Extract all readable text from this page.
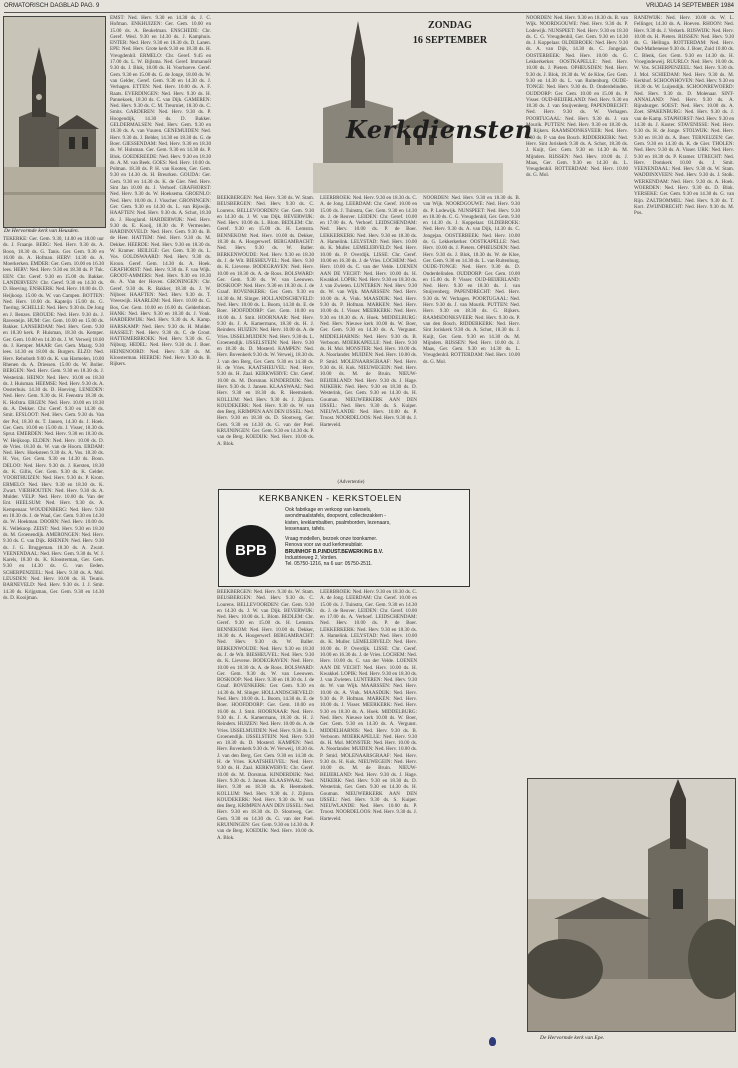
ORMATORISCH DAGBLAD PAG. 9	VRIJDAG 14 SEPTEMBER 1984
De Hervormde kerk van Heusden.
ZONDAG
16 SEPTEMBER
Kerkdiensten

TEKERKE: Ger. Gem. 9.30, 14.00 en 18.00 uur ds. J. Fraanje. BERG: Ned. Herv. 9.30 ds. A. Boon, 18.30 ds. G. Tanis. Ger. Gem. 9.30 en 16.00 ds. A. Hofman. HERV: 14.30 ds. A. Moerkerken. EMDER: Ger. Gem. 10.00 en 16.30 lees. HERV: Ned. Herv. 9.30 en 18.30 ds. P. Tuk. EEN: Chr. Geref. 9.30 en 15.00 ds. Bakker. LANDERVEEN: Chr. Geref. 9.30 en 14.30 ds. D. Hoeving. ENSKERK: Ned. Herv. 10.00 ds. D. Heijkoop. 15.00 ds. W. van Campen. BOTTEN: Ned. Herv. 10.00 ds. Kapteijn 15.00 ds. G. Toering. SCHELLE: Ned. Herv. 9.30 ds. De Jong en J. Benzes. EROUDE: Ned. Herv. 9.30 ds. J. Ravesteijn. HUM: Ger. Gem. 10.00 en 15.00 ds. Bakker. LANSERDAM: Ned. Herv. Gem. 9.30 en 18.30 kerk. P. Huisman, 18.30 ds. Kemper. Ger. Gem. 10.00 en 14.30 ds. J. W. Verweij 18.00 ds. J. Kemper. MAAR: Ger. Gem. Maarg. 9.30 lees. 14.30 en 18.00 ds. Burgers. ELZO: Ned. Herv. Rehoboth 9.00 ds. K. van Harmelen, 10.00 Rhenen ds. A. Driessen. 15.00 ds. W. Bolier. BERGEN: Ned. Herv. Gem. 9.30 en 18.30 ds. J. Westerink. HEINO: Ned. Herv. 10.00 en 18.30 ds. J. Huisman. HEEMSE: Ned. Herv. 9.30 ds. A. Oosterhuis. 14.30 ds. D. Hoeving. LENEDEN: Ned. Herv. Gem. 9.30 ds. H. Feenstra 18.30 ds. K. Hofstra. ERGEN: Ned. Herv. 10.00 en 18.30 ds. A. Dekker. Chr. Geref. 9.30 en 14.30 ds. Smit. EFSLOOT: Ned. Herv. Gem. 9.30 ds. Van der Pol, 18.30 ds. T. Jansen, 14.30 ds. J. Hoek. Ger. Gem. 10.00 en 15.00 ds. J. Visser, 18.30 ds. Sprut. EMERDEN: Ned. Herv. 9.30 en 18.30 ds. W. Heijkoop. ELDEN: Ned. Herv. 10.00 ds. D. de Vries. 18.30 ds. W. van de Hoorn. ERDAM: Ned. Herv. Hoeksteen 9.30 ds. A. Vos. 18.30 ds. H. Vos, Ger. Gem. 9.30 en 14.30 ds. Boon. DELOO: Ned. Herv. 9.30 ds. J. Kersten, 18.30 ds. K. Gillis, Ger. Gem. 9.30 ds. K. Gelder. VOORTHUIZEN: Ned. Herv. 9.30 ds. P. Krom. ERMELO: Ned. Herv. 9.30 en 18.30 ds. K. Zwart. VIERHOUTEN: Ned. Herv. 9.30 ds. A. Mulder. VELP: Ned. Herv. 10.00 ds. Van der Ent. HEELSUM: Ned. Herv. 9.30 ds. A. Kempenaar. WOUDENBERG: Ned. Herv. 9.30 en 18.30 ds. J. de Waal, Ger. Gem. 9.30 en 14.30 ds. W. Hoekman. DOORN: Ned. Herv. 10.00 ds. K. Vellekoop. ZEIST: Ned. Herv. 9.30 en 18.30 ds. M. Groenendijk. AMERONGEN: Ned. Herv. 9.30 ds. C. van Dijk. RHENEN: Ned. Herv. 9.30 ds. J. G. Bruggeman. 18.30 ds. A. Zwart. VEENENDAAL: Ned. Herv. Gem. 9.30 ds. W. J. Karels, 18.30 ds. K. Kloosterman, Ger. Gem. 9.30 en 14.30 ds. G. van Eeden. SCHERPENZEEL: Ned. Herv. 9.30 ds. A. Mol. LEUSDEN: Ned. Herv. 10.00 ds. H. Teunis. BARNEVELD: Ned. Herv. 9.30 ds. J. J. Smit. 14.30 ds. Krijgsman, Ger. Gem. 9.30 en 14.30 ds. D. Kooijman.

EMST: Ned. Herv. 9.30 en 14.30 ds. J. C. Hofman. ENKHUIZEN: Ger. Gem. 10.00 en 15.00 ds. A. Beukelman. ENSCHEDE: Chr. Geref. Wesl. 9.30 en 14.30 ds. J. Kamphuis. ENTER: Ned. Herv. 9.30 en 18.30 ds. D. Lanen. EPE: Ned. Herv. Grote kerk 9.30 en 18.30 ds. H. Vreugdenhil. ERMELO: Chr. Geref. 9.45 en 17.00 ds. L. W. Bijlsma. Ned. Geref. Immanuël 9.30 ds. J. Blok, 18.00 ds. H. Voorhoeve. Geref. Gem. 9.30 en 15.00 ds. G. de Jonge, 18.00 ds. W. van Gelder, Geref. Gem. 9.30 en 14.30 ds. J. Verhagen. ETTEN: Ned. Herv. 10.00 ds. A. F. Raats. EVERDINGEN: Ned. Herv. 9.30 ds. H. Pannekoek, 18.30 ds. C. van Dijk. GAMEREN: Ned. Herv. 9.30 ds. C. M. Treurniet, 18.30 ds. C. Smits. GARDEREN: Ned. Herv. 9.30 ds. P. Hoogendijk, 14.30 ds. D. Bakker. GELDERMALSEN: Ned. Herv. Gem. 9.30 en 18.30 ds. A. van Vuuren. GENEMUIDEN: Ned. Herv. 9.30 ds. J. Belder, 14.30 en 18.30 ds. G. de Boer. GIESSENDAM: Ned. Herv. 9.30 en 18.30 ds. W. Hulsman. Ger. Gem. 9.30 en 14.30 ds. P. Blok. GOEDEREEDE: Ned. Herv. 9.30 en 18.30 ds. A. M. van Beek. GOES: Ned. Herv. 10.00 ds. Polman. 18.30 ds. P. H. van Kooten, Ger. Gem. 9.30 en 14.30 ds. H. Breurken. GOUDA: Ger. Gem. 9.30 en 14.30 ds. K. de Gier. Ned. Herv. Sint Jan 10.00 ds. J. Verhoef. GRAFHORST: Ned. Herv. 9.30 ds. W. Hoeksema. GROENLO: Ned. Herv. 10.00 ds. J. Visscher. GRONINGEN: Ger. Gem. 9.30 en 14.30 ds. L. van Rijswijk. HAAFTEN: Ned. Herv. 9.30 ds. A. Schot, 18.30 ds. J. Hoogland. HARDERWIJK: Ned. Herv. 9.30 ds. E. Kooij, 18.30 ds. P. Vermeulen. HARDINXVELD: Ned. Herv. Gem. 9.30 ds. B. de Heer. HATTEM: Ned. Herv. 9.30 ds. M. Dekker. HEERDE: Ned. Herv. 9.30 en 18.30 ds. W. Kramer. HEILIGE: Ger. Gem. 9.30 ds. L. Vos. GOLDSWAARD: Ned. Herv. 9.30 ds. Kroon. Geref. Gem. 14.30 ds. A. Hoek. GRAFHORST: Ned. Herv. 9.30 ds. F. van Wijk. GROOT-AMMERS: Ned. Herv. 9.30 en 18.30 ds. A. Van der Hoven. GRONINGEN: Chr. Geref. 9.30 ds. R. Bakker, 18.30 ds. J. W. Nijboer. HAAFTEN: Ned. Herv. 9.30 ds. T. Vreeswijk. HAARLEM: Ned. Herv. 10.00 ds. G. Bos, Ger. Gem. 10.00 en 16.00 ds. Gelderblom. HANK: Ned. Herv. 9.30 en 18.30 ds. J. Vonk. HARDERWIJK: Ned. Herv. 9.30 ds. A. Kamp. HARSKAMP: Ned. Herv. 9.30 ds. H. Mulder. HASSELT: Ned. Herv. 9.30 ds. C. de Groot. HATTEMERBROEK: Ned. Herv. 9.30 ds. G. Nijburg. HEDEL: Ned. Herv. 9.30 ds. J. Boer. HEINENOORD: Ned. Herv. 9.30 ds. M. Kloosterman. HEERDE: Ned. Herv. 9.30 ds. B. Rijkers.

BEEKBERGEN: Ned. Herv. 9.30 ds. W. Stam. BEUSBERGEN: Ned. Herv. 9.30 ds. C. Lourens. BELLEVOORDEN: Ger. Gem. 9.30 en 14.30 ds. J. W. van Dijk. BEVERWIJK: Ned. Herv. 10.00 ds. L. Blom. BEDLEM: Chr. Geref. 9.30 en 15.00 ds. H. Lemstra. BENNEKOM: Ned. Herv. 10.00 ds. Dekker, 18.30 ds. A. Hoogerwerf. BERGAMBACHT: Ned. Herv. 9.30 ds. W. Baller. BERKENWOUDE: Ned. Herv. 9.30 en 18.30 ds. J. de Wit. BIESHEUVEL: Ned. Herv. 9.30 ds. K. Lieverse. BODEGRAVEN: Ned. Herv. 10.00 en 18.30 ds. A. de Roos. BOLSWARD: Ger. Gem. 9.30 ds. W. van Leeuwen. BOSKOOP: Ned. Herv. 9.30 en 18.30 ds. J. de Graaf. BOVENKERK: Ger. Gem. 9.30 en 14.30 ds. M. Slinger. HOLLANDSCHEVELD: Ned. Herv. 10.00 ds. L. Boom, 14.30 ds. E. de Boer. HOOFDDORP: Ger. Gem. 10.00 en 16.00 ds. J. Smit. HOORNAAR: Ned. Herv. 9.30 ds. J. A. Kamermans, 18.30 ds. H. J. Reinders. HUIZEN: Ned. Herv. 10.00 ds. A. de Vries. IJSSELMUIDEN: Ned. Herv. 9.30 ds. L. Groenendijk. IJSSELSTEIN: Ned. Herv. 9.30 en 18.30 ds. D. Mosterd. KAMPEN: Ned. Herv. Bovenkerk 9.30 ds. W. Verweij, 18.30 ds. J. van den Berg, Ger. Gem. 9.30 en 14.30 ds. H. de Vries. KAATSHEUVEL: Ned. Herv. 9.30 ds. H. Zaal. KERKWERVE: Chr. Geref. 10.00 ds. M. Dorsman. KINDERDIJK: Ned. Herv. 9.30 ds. J. Jansen. KLAASWAAL: Ned. Herv. 9.30 en 18.30 ds. R. Heemskerk. KOLLUM: Ned. Herv. 9.30 ds. J. Zijlstra. KOUDEKERK: Ned. Herv. 9.30 ds. W. van den Berg. KRIMPEN AAN DEN IJSSEL: Ned. Herv. 9.30 en 18.30 ds. D. Slootweg, Ger. Gem. 9.30 en 14.30 ds. G. van der Poel. KRUININGEN: Ger. Gem. 9.30 en 14.30 ds. P. van de Berg. KOEDIJK: Ned. Herv. 10.00 ds. A. Blok.

BEEKBERGEN: Ned. Herv. 9.30 ds. W. Stam. BEUSBERGEN: Ned. Herv. 9.30 ds. C. Lourens. BELLEVOORDEN: Ger. Gem. 9.30 en 14.30 ds. J. W. van Dijk. BEVERWIJK: Ned. Herv. 10.00 ds. L. Blom. BEDLEM: Chr. Geref. 9.30 en 15.00 ds. H. Lemstra. BENNEKOM: Ned. Herv. 10.00 ds. Dekker, 18.30 ds. A. Hoogerwerf. BERGAMBACHT: Ned. Herv. 9.30 ds. W. Baller. BERKENWOUDE: Ned. Herv. 9.30 en 18.30 ds. J. de Wit. BIESHEUVEL: Ned. Herv. 9.30 ds. K. Lieverse. BODEGRAVEN: Ned. Herv. 10.00 en 18.30 ds. A. de Roos. BOLSWARD: Ger. Gem. 9.30 ds. W. van Leeuwen. BOSKOOP: Ned. Herv. 9.30 en 18.30 ds. J. de Graaf. BOVENKERK: Ger. Gem. 9.30 en 14.30 ds. M. Slinger. HOLLANDSCHEVELD: Ned. Herv. 10.00 ds. L. Boom, 14.30 ds. E. de Boer. HOOFDDORP: Ger. Gem. 10.00 en 16.00 ds. J. Smit. HOORNAAR: Ned. Herv. 9.30 ds. J. A. Kamermans, 18.30 ds. H. J. Reinders. HUIZEN: Ned. Herv. 10.00 ds. A. de Vries. IJSSELMUIDEN: Ned. Herv. 9.30 ds. L. Groenendijk. IJSSELSTEIN: Ned. Herv. 9.30 en 18.30 ds. D. Mosterd. KAMPEN: Ned. Herv. Bovenkerk 9.30 ds. W. Verweij, 18.30 ds. J. van den Berg, Ger. Gem. 9.30 en 14.30 ds. H. de Vries. KAATSHEUVEL: Ned. Herv. 9.30 ds. H. Zaal. KERKWERVE: Chr. Geref. 10.00 ds. M. Dorsman. KINDERDIJK: Ned. Herv. 9.30 ds. J. Jansen. KLAASWAAL: Ned. Herv. 9.30 en 18.30 ds. R. Heemskerk. KOLLUM: Ned. Herv. 9.30 ds. J. Zijlstra. KOUDEKERK: Ned. Herv. 9.30 ds. W. van den Berg. KRIMPEN AAN DEN IJSSEL: Ned. Herv. 9.30 en 18.30 ds. D. Slootweg, Ger. Gem. 9.30 en 14.30 ds. G. van der Poel. KRUININGEN: Ger. Gem. 9.30 en 14.30 ds. P. van de Berg. KOEDIJK: Ned. Herv. 10.00 ds. A. Blok.

LEERBROEK: Ned. Herv. 9.30 en 18.30 ds. C. A. de Jong. LEERDAM: Chr. Geref. 10.00 en 15.00 ds. J. Tuinstra, Ger. Gem. 9.30 en 14.30 ds. J. de Reuver. LEIDEN: Chr. Geref. 10.00 en 17.00 ds. A. Verhoef. LEIDSCHENDAM: Ned. Herv. 10.00 ds. P. de Boer. LEKKERKERK: Ned. Herv. 9.30 en 18.30 ds. A. Hamelink. LELYSTAD: Ned. Herv. 10.00 ds. K. Muller. LEMELERVELD: Ned. Herv. 10.00 ds. P. Overdijk. LISSE: Chr. Geref. 10.00 en 16.30 ds. J. de Vries. LOCHEM: Ned. Herv. 10.00 ds. C. van der Velde. LOENEN AAN DE VECHT: Ned. Herv. 10.00 ds. H. Kwakkel. LOPIK: Ned. Herv. 9.30 en 18.30 ds. J. van Zwieten. LUNTEREN: Ned. Herv. 9.30 ds. W. van Wijk. MAARSSEN: Ned. Herv. 10.00 ds. A. Vink. MAASDIJK: Ned. Herv. 9.30 ds. P. Hofman. MARKEN: Ned. Herv. 10.00 ds. J. Visser. MEERKERK: Ned. Herv. 9.30 en 18.30 ds. A. Hoek. MIDDELBURG: Ned. Herv. Nieuwe kerk 10.00 ds. W. Boer, Ger. Gem. 9.30 en 14.30 ds. A. Vergunst. MIDDELHARNIS: Ned. Herv. 9.30 ds. B. Verboom. MOERKAPELLE: Ned. Herv. 9.30 ds. H. Mol. MONSTER: Ned. Herv. 10.00 ds. A. Noorlander. MUIDEN: Ned. Herv. 10.00 ds. P. Smid. MOLENAARSGRAAF: Ned. Herv. 9.30 ds. H. Kok. NIEUWEGEIN: Ned. Herv. 10.00 ds. M. de Bruin. NIEUW-BEIJERLAND: Ned. Herv. 9.30 ds. J. Hage. NIJKERK: Ned. Herv. 9.30 en 18.30 ds. D. Westerink, Ger. Gem. 9.30 en 14.30 ds. H. Gouman. NIEUWERKERK AAN DEN IJSSEL: Ned. Herv. 9.30 ds. S. Kuiper. NIEUWLANDE: Ned. Herv. 10.00 ds. P. Troost. NOORDELOOS: Ned. Herv. 9.30 ds. J. Harteveld.

LEERBROEK: Ned. Herv. 9.30 en 18.30 ds. C. A. de Jong. LEERDAM: Chr. Geref. 10.00 en 15.00 ds. J. Tuinstra, Ger. Gem. 9.30 en 14.30 ds. J. de Reuver. LEIDEN: Chr. Geref. 10.00 en 17.00 ds. A. Verhoef. LEIDSCHENDAM: Ned. Herv. 10.00 ds. P. de Boer. LEKKERKERK: Ned. Herv. 9.30 en 18.30 ds. A. Hamelink. LELYSTAD: Ned. Herv. 10.00 ds. K. Muller. LEMELERVELD: Ned. Herv. 10.00 ds. P. Overdijk. LISSE: Chr. Geref. 10.00 en 16.30 ds. J. de Vries. LOCHEM: Ned. Herv. 10.00 ds. C. van der Velde. LOENEN AAN DE VECHT: Ned. Herv. 10.00 ds. H. Kwakkel. LOPIK: Ned. Herv. 9.30 en 18.30 ds. J. van Zwieten. LUNTEREN: Ned. Herv. 9.30 ds. W. van Wijk. MAARSSEN: Ned. Herv. 10.00 ds. A. Vink. MAASDIJK: Ned. Herv. 9.30 ds. P. Hofman. MARKEN: Ned. Herv. 10.00 ds. J. Visser. MEERKERK: Ned. Herv. 9.30 en 18.30 ds. A. Hoek. MIDDELBURG: Ned. Herv. Nieuwe kerk 10.00 ds. W. Boer, Ger. Gem. 9.30 en 14.30 ds. A. Vergunst. MIDDELHARNIS: Ned. Herv. 9.30 ds. B. Verboom. MOERKAPELLE: Ned. Herv. 9.30 ds. H. Mol. MONSTER: Ned. Herv. 10.00 ds. A. Noorlander. MUIDEN: Ned. Herv. 10.00 ds. P. Smid. MOLENAARSGRAAF: Ned. Herv. 9.30 ds. H. Kok. NIEUWEGEIN: Ned. Herv. 10.00 ds. M. de Bruin. NIEUW-BEIJERLAND: Ned. Herv. 9.30 ds. J. Hage. NIJKERK: Ned. Herv. 9.30 en 18.30 ds. D. Westerink, Ger. Gem. 9.30 en 14.30 ds. H. Gouman. NIEUWERKERK AAN DEN IJSSEL: Ned. Herv. 9.30 ds. S. Kuiper. NIEUWLANDE: Ned. Herv. 10.00 ds. P. Troost. NOORDELOOS: Ned. Herv. 9.30 ds. J. Harteveld.

NOORDEN: Ned. Herv. 9.30 en 18.30 ds. B. van Wijk. NOORDGOUWE: Ned. Herv. 9.30 ds. P. Lodewijk. NUNSPEET: Ned. Herv. 9.30 en 18.30 ds. C. G. Vreugdenhil, Ger. Gem. 9.30 en 14.30 ds. J. Koppelaar. OLDEBROEK: Ned. Herv. 9.30 ds. A. van Dijk, 14.30 ds. C. Jongejan. OOSTERBEEK: Ned. Herv. 10.00 ds. G. Lekkerkerker. OOSTKAPELLE: Ned. Herv. 10.00 ds. J. Pieters. OPHEUSDEN: Ned. Herv. 9.30 ds. J. Blok, 18.30 ds. W. de Kloe, Ger. Gem. 9.30 en 14.30 ds. L. van Ruitenburg. OUDE-TONGE: Ned. Herv. 9.30 ds. D. Onderdelinden. OUDDORP: Ger. Gem. 10.00 en 15.00 ds. P. Visser. OUD-BEIJERLAND: Ned. Herv. 9.30 en 18.30 ds. J. van Stuijvenberg. PAPENDRECHT: Ned. Herv. 9.30 ds. W. Verhagen. POORTUGAAL: Ned. Herv. 9.30 ds. J. van Mourik. PUTTEN: Ned. Herv. 9.30 en 18.30 ds. G. Rijkers. RAAMSDONKSVEER: Ned. Herv. 9.30 ds. P. van den Bosch. RIDDERKERK: Ned. Herv. Sint Joriskerk 9.30 ds. A. Schot, 18.30 ds. J. Kuijt, Ger. Gem. 9.30 en 14.30 ds. M. Mijnders. RIJSSEN: Ned. Herv. 10.00 ds. J. Maas, Ger. Gem. 9.30 en 14.30 ds. L. Vreugdenhil. ROTTERDAM: Ned. Herv. 10.00 ds. G. Mol.

NOORDEN: Ned. Herv. 9.30 en 18.30 ds. B. van Wijk. NOORDGOUWE: Ned. Herv. 9.30 ds. P. Lodewijk. NUNSPEET: Ned. Herv. 9.30 en 18.30 ds. C. G. Vreugdenhil, Ger. Gem. 9.30 en 14.30 ds. J. Koppelaar. OLDEBROEK: Ned. Herv. 9.30 ds. A. van Dijk, 14.30 ds. C. Jongejan. OOSTERBEEK: Ned. Herv. 10.00 ds. G. Lekkerkerker. OOSTKAPELLE: Ned. Herv. 10.00 ds. J. Pieters. OPHEUSDEN: Ned. Herv. 9.30 ds. J. Blok, 18.30 ds. W. de Kloe, Ger. Gem. 9.30 en 14.30 ds. L. van Ruitenburg. OUDE-TONGE: Ned. Herv. 9.30 ds. D. Onderdelinden. OUDDORP: Ger. Gem. 10.00 en 15.00 ds. P. Visser. OUD-BEIJERLAND: Ned. Herv. 9.30 en 18.30 ds. J. van Stuijvenberg. PAPENDRECHT: Ned. Herv. 9.30 ds. W. Verhagen. POORTUGAAL: Ned. Herv. 9.30 ds. J. van Mourik. PUTTEN: Ned. Herv. 9.30 en 18.30 ds. G. Rijkers. RAAMSDONKSVEER: Ned. Herv. 9.30 ds. P. van den Bosch. RIDDERKERK: Ned. Herv. Sint Joriskerk 9.30 ds. A. Schot, 18.30 ds. J. Kuijt, Ger. Gem. 9.30 en 14.30 ds. M. Mijnders. RIJSSEN: Ned. Herv. 10.00 ds. J. Maas, Ger. Gem. 9.30 en 14.30 ds. L. Vreugdenhil. ROTTERDAM: Ned. Herv. 10.00 ds. G. Mol.

RANDWIJK: Ned. Herv. 10.00 ds. W. L. Fellinger, 14.30 ds. A. Hoeven. RHOON: Ned. Herv. 9.30 ds. J. Verkerk. RIJSWIJK: Ned. Herv. 10.00 ds. H. Pieters. RIJSSEN: Ned. Herv. 9.30 ds. G. Hellinga. ROTTERDAM: Ned. Herv. Oud-Mathenesse 9.30 ds. J. Boer, Zuid 10.00 ds. C. Blenk, Ger. Gem. 9.30 en 14.30 ds. H. Vroegindeweij. RUURLO: Ned. Herv. 10.00 ds. W. Vos. SCHERPENZEEL: Ned. Herv. 9.30 ds. J. Mol. SCHIEDAM: Ned. Herv. 9.30 ds. M. Kerkhof. SCHOONHOVEN: Ned. Herv. 9.30 en 18.30 ds. W. Luijendijk. SCHOONREWOERD: Ned. Herv. 9.30 ds. D. Molenaar. SINT-ANNALAND: Ned. Herv. 9.30 ds. A. Rijnsburger. SOEST: Ned. Herv. 10.00 ds. A. Zoet. SPAKENBURG: Ned. Herv. 9.30 ds. J. van de Kamp. STAPHORST: Ned. Herv. 9.30 en 14.30 ds. J. Koster. STAVENISSE: Ned. Herv. 9.30 ds. H. de Jonge. STOLWIJK: Ned. Herv. 9.30 en 18.30 ds. A. Boer. TERNEUZEN: Ger. Gem. 9.30 en 14.30 ds. K. de Gier. THOLEN: Ned. Herv. 9.30 ds. A. Visser. URK: Ned. Herv. 9.30 en 18.30 ds. P. Kramer. UTRECHT: Ned. Herv. Domkerk 10.00 ds. J. Smit. VEENENDAAL: Ned. Herv. 9.30 ds. W. Stam. WADDINXVEEN: Ned. Herv. 9.30 ds. J. Stolk. WERKENDAM: Ned. Herv. 9.30 ds. A. Hoek. WOERDEN: Ned. Herv. 9.30 ds. D. Blok. YERSEKE: Ger. Gem. 9.30 en 14.30 ds. G. van Rijn. ZALTBOMMEL: Ned. Herv. 9.30 ds. T. Kort. ZWIJNDRECHT: Ned. Herv. 9.30 ds. M. Pos.

(Advertentie)
KERKBANKEN - KERKSTOELEN
BPB
Ook fabrikage en verkoop van kansels,
avondmaalstafels, doopvont, collectezakken -
kisten, kreklambaltien, psalmborden, lezenaars,
lessenaars, tafels.
Vraag modellen, bezoek onze toonkamer.
Renova voor uw oud kerkmeubilair.
BRUINHOF B.P.INDUST.BEWERKING B.V.
Industrieweg 2, Vorden.
Tel. 05750-1216, na 6 uur: 05750-2511.
De Hervormde kerk van Epe.
